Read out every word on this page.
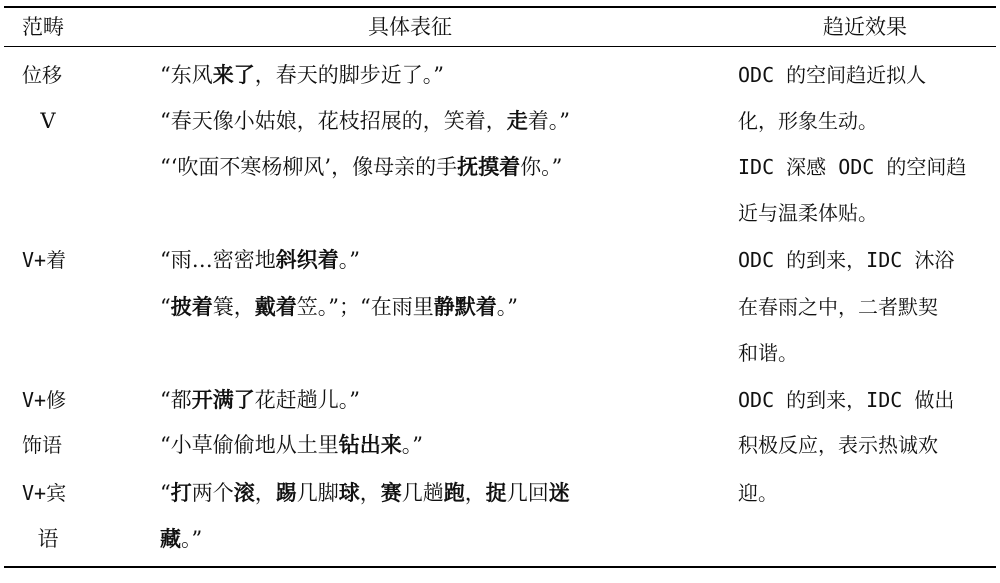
范畴	具体表征	趋近效果
位移
V
V+着
V+修
饰语
V+宾
语
“东风来了，春天的脚步近了。”
“春天像小姑娘，花枝招展的，笑着，走着。”
“‘吹面不寒杨柳风’，像母亲的手抚摸着你。”
“雨…密密地斜织着。”
“披着簑，戴着笠。”；“在雨里静默着。”
“都开满了花赶趟儿。”
“小草偷偷地从土里钻出来。”
“打两个滚，踢几脚球，赛几趟跑，捉几回迷
藏。”
ODC 的空间趋近拟人
化，形象生动。
IDC 深感 ODC 的空间趋
近与温柔体贴。
ODC 的到来，IDC 沐浴
在春雨之中，二者默契
和谐。
ODC 的到来，IDC 做出
积极反应，表示热诚欢
迎。
